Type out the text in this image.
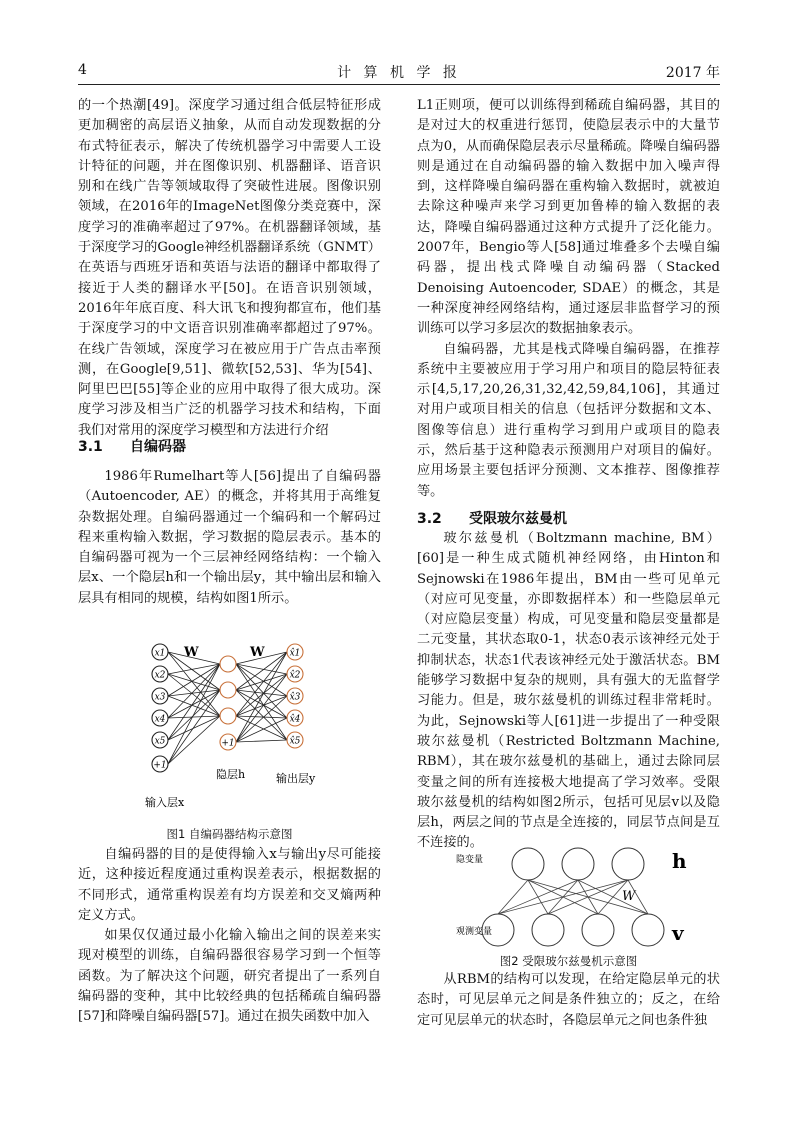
4	计 算 机 学 报	2017 年

的一个热潮[49]。深度学习通过组合低层特征形成更加稠密的高层语义抽象，从而自动发现数据的分布式特征表示，解决了传统机器学习中需要人工设计特征的问题，并在图像识别、机器翻译、语音识别和在线广告等领域取得了突破性进展。图像识别领域，在2016年的ImageNet图像分类竞赛中，深度学习的准确率超过了97%。在机器翻译领域，基于深度学习的Google神经机器翻译系统（GNMT）在英语与西班牙语和英语与法语的翻译中都取得了接近于人类的翻译水平[50]。在语音识别领域，2016年年底百度、科大讯飞和搜狗都宣布，他们基于深度学习的中文语音识别准确率都超过了97%。在线广告领域，深度学习在被应用于广告点击率预测，在Google[9,51]、微软[52,53]、华为[54]、阿里巴巴[55]等企业的应用中取得了很大成功。深度学习涉及相当广泛的机器学习技术和结构，下面我们对常用的深度学习模型和方法进行介绍

3.1 自编码器

1986年Rumelhart等人[56]提出了自编码器（Autoencoder, AE）的概念，并将其用于高维复杂数据处理。自编码器通过一个编码和一个解码过程来重构输入数据，学习数据的隐层表示。基本的自编码器可视为一个三层神经网络结构：一个输入层x、一个隐层h和一个输出层y，其中输出层和输入层具有相同的规模，结构如图1所示。

x1
x2
x3
x4
x5
+1
+1
x̂1
x̂2
x̂3
x̂4
x̂5
W	W
输入层x
隐层h	输出层y
图1 自编码器结构示意图

自编码器的目的是使得输入x与输出y尽可能接近，这种接近程度通过重构误差表示，根据数据的不同形式，通常重构误差有均方误差和交叉熵两种定义方式。

如果仅仅通过最小化输入输出之间的误差来实现对模型的训练，自编码器很容易学习到一个恒等函数。为了解决这个问题，研究者提出了一系列自编码器的变种，其中比较经典的包括稀疏自编码器[57]和降噪自编码器[57]。通过在损失函数中加入

L1正则项，便可以训练得到稀疏自编码器，其目的是对过大的权重进行惩罚，使隐层表示中的大量节点为0，从而确保隐层表示尽量稀疏。降噪自编码器则是通过在自动编码器的输入数据中加入噪声得到，这样降噪自编码器在重构输入数据时，就被迫去除这种噪声来学习到更加鲁棒的输入数据的表达，降噪自编码器通过这种方式提升了泛化能力。2007年，Bengio等人[58]通过堆叠多个去噪自编码器，提出栈式降噪自动编码器（Stacked Denoising Autoencoder, SDAE）的概念，其是一种深度神经网络结构，通过逐层非监督学习的预训练可以学习多层次的数据抽象表示。

自编码器，尤其是栈式降噪自编码器，在推荐系统中主要被应用于学习用户和项目的隐层特征表示[4,5,17,20,26,31,32,42,59,84,106]，其通过对用户或项目相关的信息（包括评分数据和文本、图像等信息）进行重构学习到用户或项目的隐表示，然后基于这种隐表示预测用户对项目的偏好。应用场景主要包括评分预测、文本推荐、图像推荐等。

3.2 受限玻尔兹曼机

玻尔兹曼机（Boltzmann machine, BM）[60]是一种生成式随机神经网络，由Hinton和Sejnowski在1986年提出，BM由一些可见单元（对应可见变量，亦即数据样本）和一些隐层单元（对应隐层变量）构成，可见变量和隐层变量都是二元变量，其状态取0-1，状态0表示该神经元处于抑制状态，状态1代表该神经元处于激活状态。BM能够学习数据中复杂的规则，具有强大的无监督学习能力。但是，玻尔兹曼机的训练过程非常耗时。为此，Sejnowski等人[61]进一步提出了一种受限玻尔兹曼机（Restricted Boltzmann Machine, RBM），其在玻尔兹曼机的基础上，通过去除同层变量之间的所有连接极大地提高了学习效率。受限玻尔兹曼机的结构如图2所示，包括可见层v以及隐层h，两层之间的节点是全连接的，同层节点间是互不连接的。

隐变量
观测变量
h
v
W
图2 受限玻尔兹曼机示意图

从RBM的结构可以发现，在给定隐层单元的状态时，可见层单元之间是条件独立的；反之，在给定可见层单元的状态时，各隐层单元之间也条件独
